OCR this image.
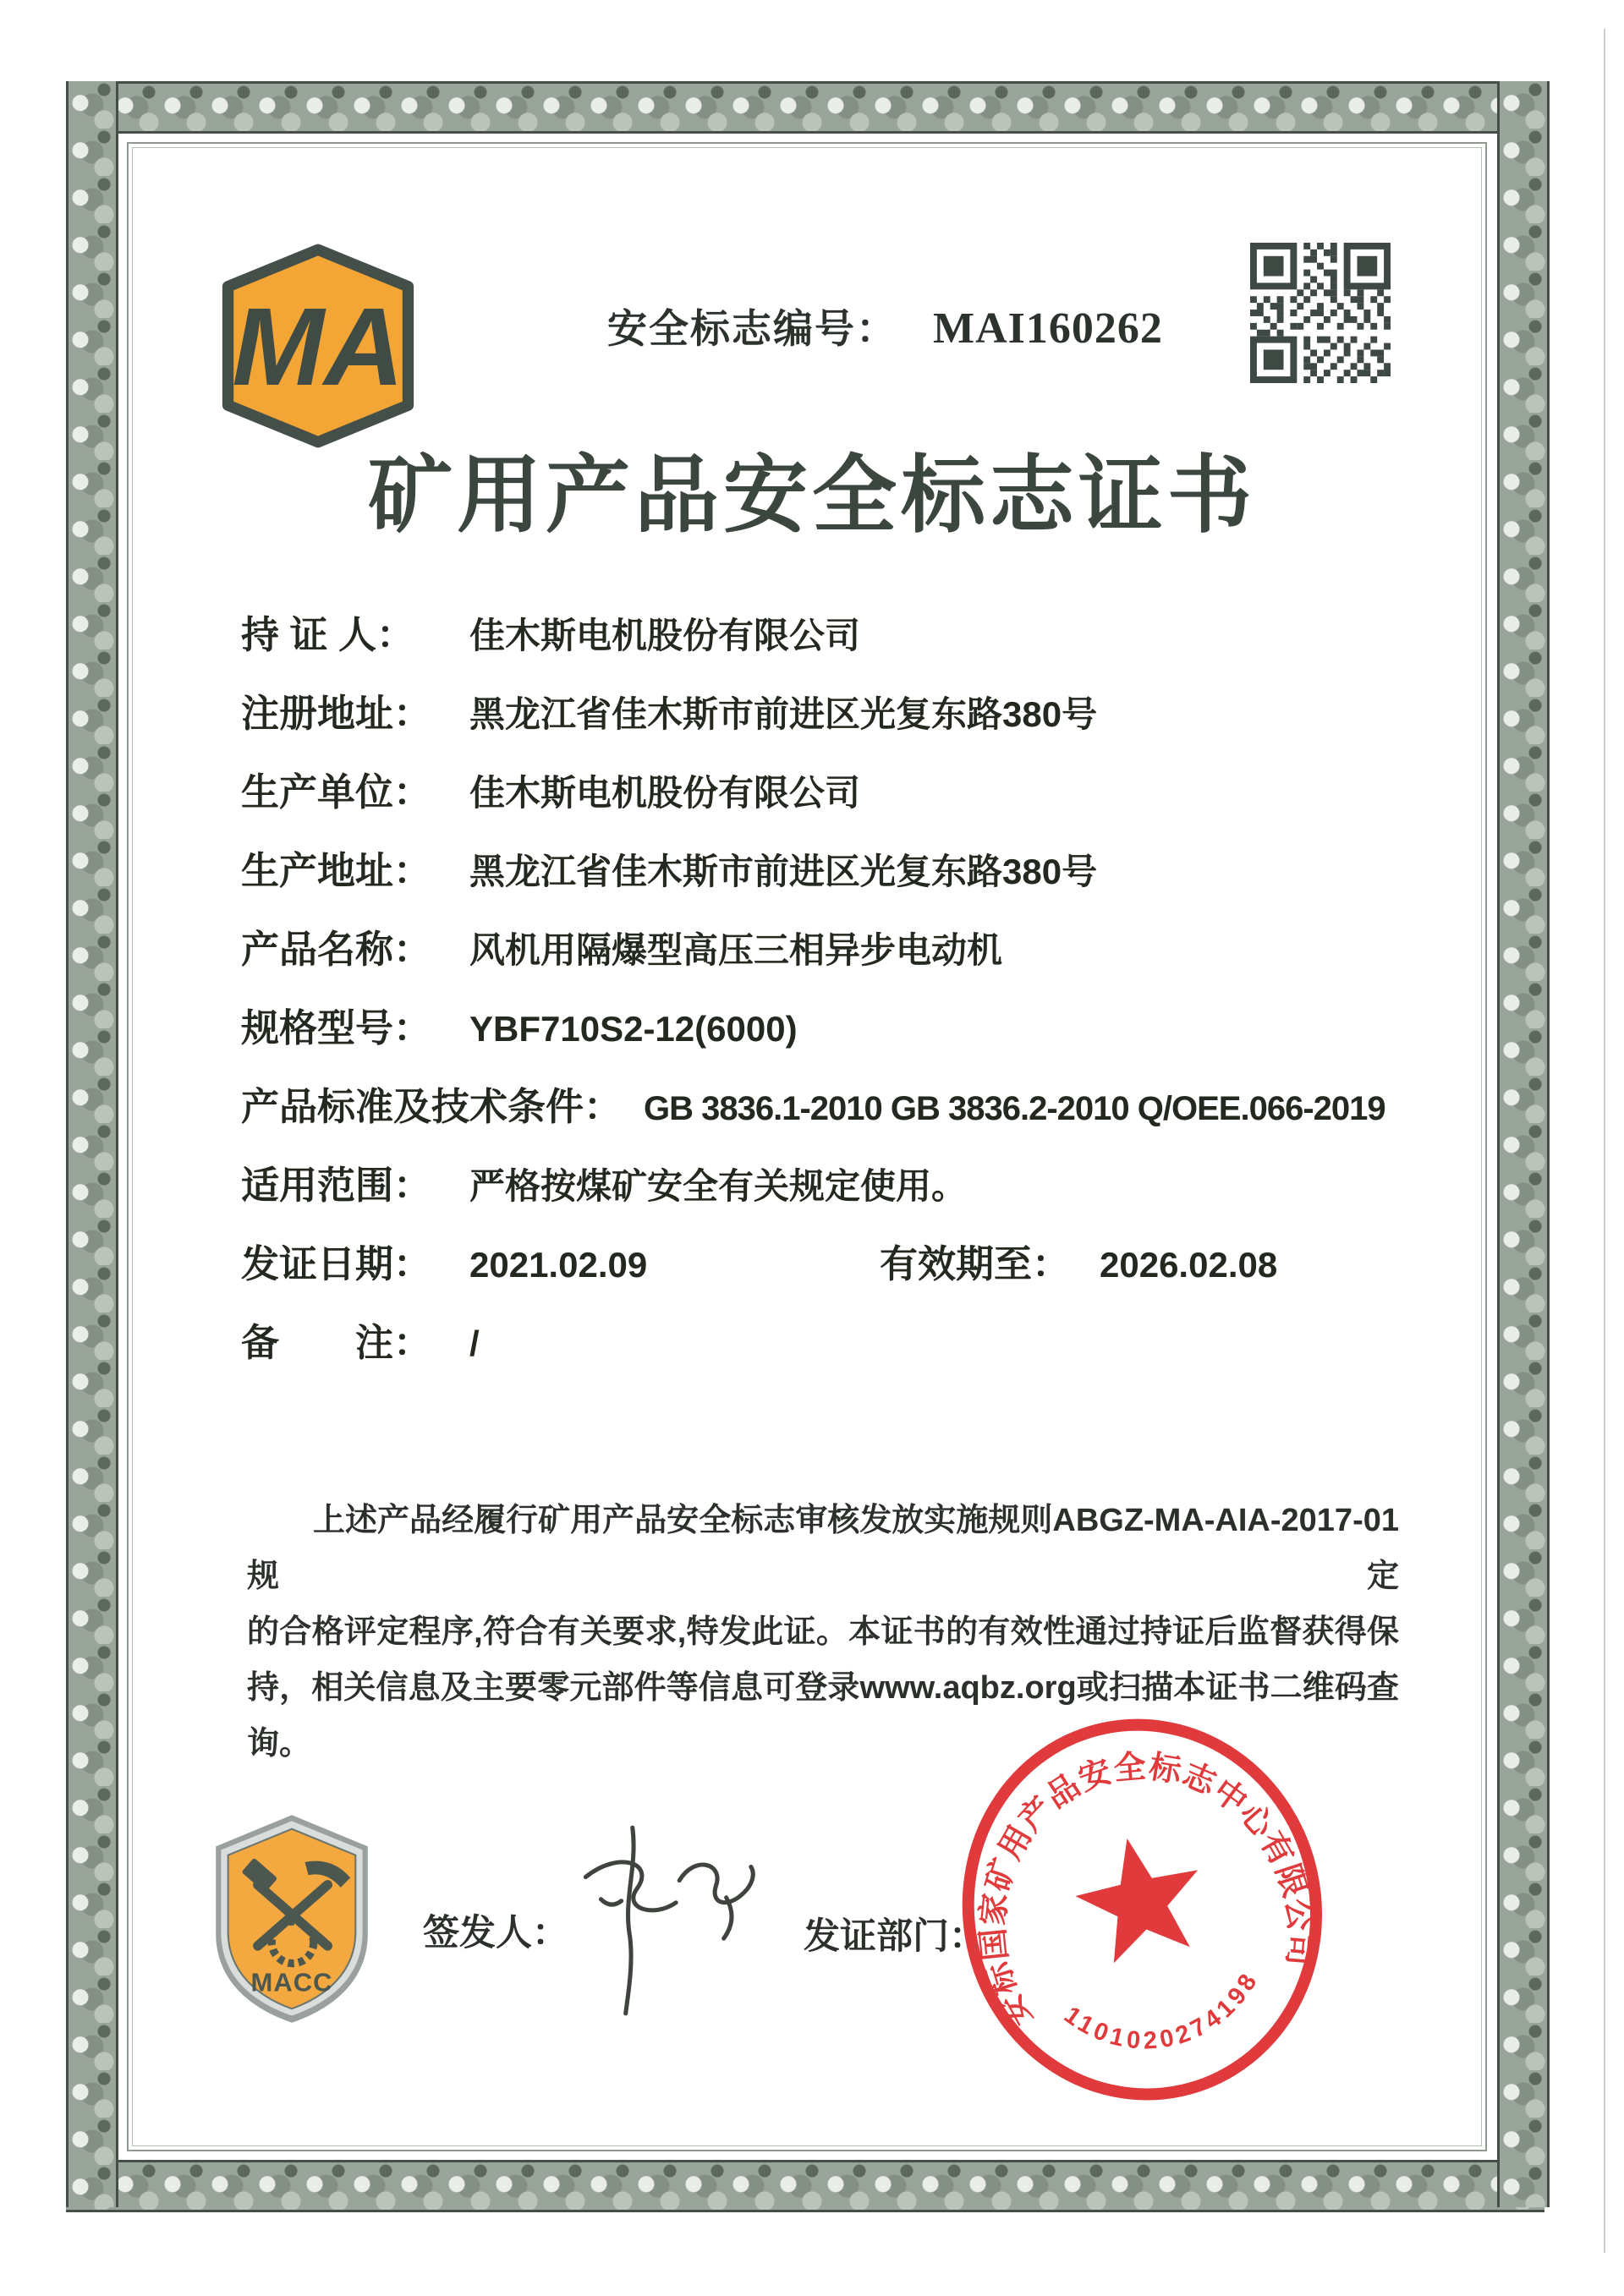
MA	安全标志编号： MAI160262
矿用产品安全标志证书
持 证 人：	佳木斯电机股份有限公司
注册地址：	黑龙江省佳木斯市前进区光复东路380号
生产单位：	佳木斯电机股份有限公司
生产地址：	黑龙江省佳木斯市前进区光复东路380号
产品名称：	风机用隔爆型高压三相异步电动机
规格型号：	YBF710S2-12(6000)
产品标准及技术条件： GB 3836.1-2010 GB 3836.2-2010 Q/OEE.066-2019
适用范围：	严格按煤矿安全有关规定使用。
发证日期：	2021.02.09	有效期至： 2026.02.08
备　　注：	/
上述产品经履行矿用产品安全标志审核发放实施规则ABGZ-MA-AIA-2017-01规定
的合格评定程序,符合有关要求,特发此证。本证书的有效性通过持证后监督获得保
持，相关信息及主要零元部件等信息可登录www.aqbz.org或扫描本证书二维码查询。
MACC
签发人：	发证部门：
安标国家矿用产品安全标志中心有限公司
1101020274198
